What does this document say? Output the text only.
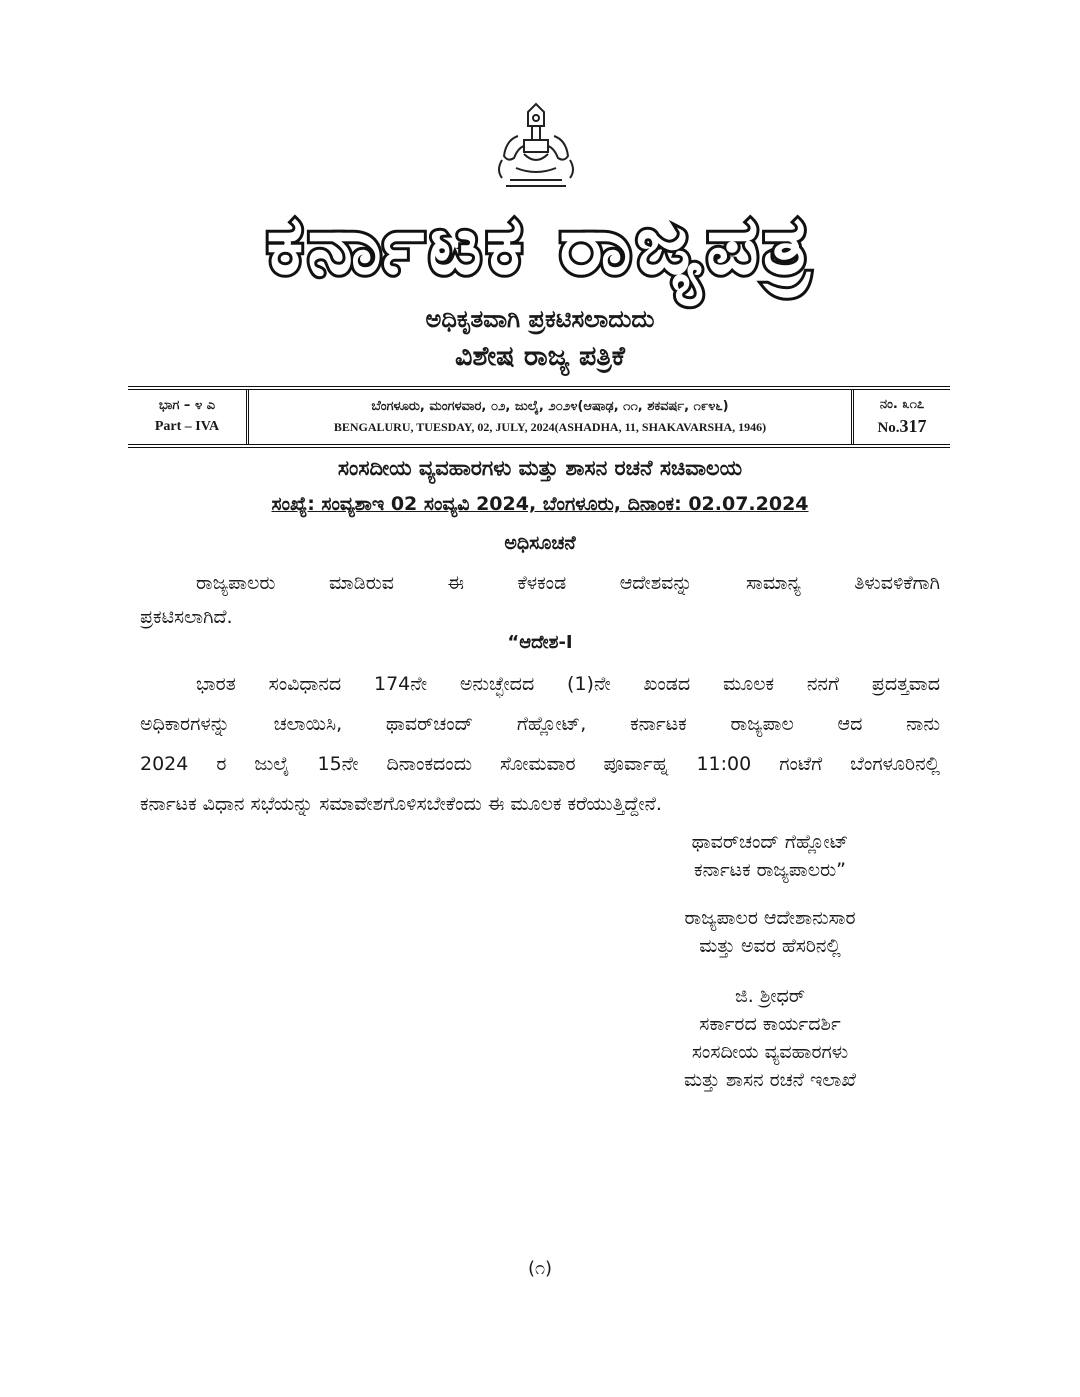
ಕರ್ನಾಟಕ ರಾಜ್ಯಪತ್ರ
ಅಧಿಕೃತವಾಗಿ ಪ್ರಕಟಿಸಲಾದುದು
ವಿಶೇಷ ರಾಜ್ಯ ಪತ್ರಿಕೆ
ಭಾಗ – ೪ ಎ
Part – IVA
ಬೆಂಗಳೂರು, ಮಂಗಳವಾರ, ೦೨, ಜುಲೈ, ೨೦೨೪(ಆಷಾಢ, ೧೧, ಶಕವರ್ಷ, ೧೯೪೬)
BENGALURU, TUESDAY, 02, JULY, 2024(ASHADHA, 11, SHAKAVARSHA, 1946)
ನಂ. ೩೧೭
No.317
ಸಂಸದೀಯ ವ್ಯವಹಾರಗಳು ಮತ್ತು ಶಾಸನ ರಚನೆ ಸಚಿವಾಲಯ
ಸಂಖ್ಯೆ: ಸಂವ್ಯಶಾಇ 02 ಸಂವ್ಯವಿ 2024, ಬೆಂಗಳೂರು, ದಿನಾಂಕ: 02.07.2024
ಅಧಿಸೂಚನೆ
ರಾಜ್ಯಪಾಲರು ಮಾಡಿರುವ ಈ ಕೆಳಕಂಡ ಆದೇಶವನ್ನು ಸಾಮಾನ್ಯ ತಿಳುವಳಿಕೆಗಾಗಿ
ಪ್ರಕಟಿಸಲಾಗಿದೆ.
“ಆದೇಶ-I
ಭಾರತ ಸಂವಿಧಾನದ 174ನೇ ಅನುಚ್ಛೇದದ (1)ನೇ ಖಂಡದ ಮೂಲಕ ನನಗೆ ಪ್ರದತ್ತವಾದ
ಅಧಿಕಾರಗಳನ್ನು ಚಲಾಯಿಸಿ, ಥಾವರ್‌ಚಂದ್ ಗೆಹ್ಲೋಟ್, ಕರ್ನಾಟಕ ರಾಜ್ಯಪಾಲ ಆದ ನಾನು
2024 ರ ಜುಲೈ 15ನೇ ದಿನಾಂಕದಂದು ಸೋಮವಾರ ಪೂರ್ವಾಹ್ನ 11:00 ಗಂಟೆಗೆ ಬೆಂಗಳೂರಿನಲ್ಲಿ
ಕರ್ನಾಟಕ ವಿಧಾನ ಸಭೆಯನ್ನು ಸಮಾವೇಶಗೊಳಿಸಬೇಕೆಂದು ಈ ಮೂಲಕ ಕರೆಯುತ್ತಿದ್ದೇನೆ.
ಥಾವರ್‌ಚಂದ್ ಗೆಹ್ಲೋಟ್
ಕರ್ನಾಟಕ ರಾಜ್ಯಪಾಲರು”
ರಾಜ್ಯಪಾಲರ ಆದೇಶಾನುಸಾರ
ಮತ್ತು ಅವರ ಹೆಸರಿನಲ್ಲಿ
ಜಿ. ಶ್ರೀಧರ್
ಸರ್ಕಾರದ ಕಾರ್ಯದರ್ಶಿ
ಸಂಸದೀಯ ವ್ಯವಹಾರಗಳು
ಮತ್ತು ಶಾಸನ ರಚನೆ ಇಲಾಖೆ
(೧)
